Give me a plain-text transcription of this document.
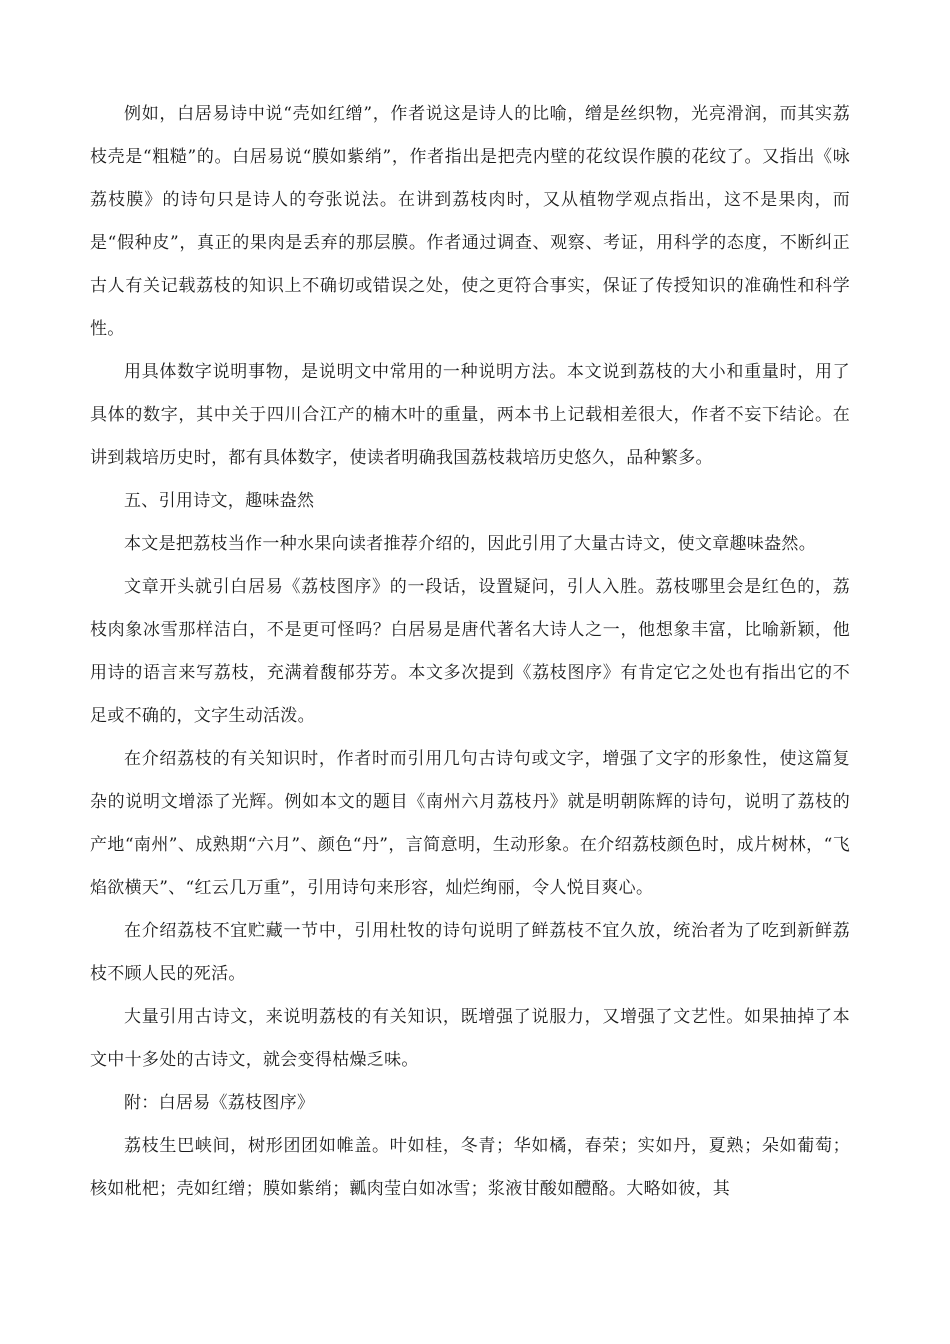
例如，白居易诗中说“壳如红缯”，作者说这是诗人的比喻，缯是丝织物，光亮滑润，而其实荔枝壳是“粗糙”的。白居易说“膜如紫绡”，作者指出是把壳内壁的花纹误作膜的花纹了。又指出《咏荔枝膜》的诗句只是诗人的夸张说法。在讲到荔枝肉时，又从植物学观点指出，这不是果肉，而是“假种皮”，真正的果肉是丢弃的那层膜。作者通过调查、观察、考证，用科学的态度，不断纠正古人有关记载荔枝的知识上不确切或错误之处，使之更符合事实，保证了传授知识的准确性和科学性。

用具体数字说明事物，是说明文中常用的一种说明方法。本文说到荔枝的大小和重量时，用了具体的数字，其中关于四川合江产的楠木叶的重量，两本书上记载相差很大，作者不妄下结论。在讲到栽培历史时，都有具体数字，使读者明确我国荔枝栽培历史悠久，品种繁多。

五、引用诗文，趣味盎然

本文是把荔枝当作一种水果向读者推荐介绍的，因此引用了大量古诗文，使文章趣味盎然。

文章开头就引白居易《荔枝图序》的一段话，设置疑问，引人入胜。荔枝哪里会是红色的，荔枝肉象冰雪那样洁白，不是更可怪吗？白居易是唐代著名大诗人之一，他想象丰富，比喻新颖，他用诗的语言来写荔枝，充满着馥郁芬芳。本文多次提到《荔枝图序》有肯定它之处也有指出它的不足或不确的，文字生动活泼。

在介绍荔枝的有关知识时，作者时而引用几句古诗句或文字，增强了文字的形象性，使这篇复杂的说明文增添了光辉。例如本文的题目《南州六月荔枝丹》就是明朝陈辉的诗句，说明了荔枝的产地“南州”、成熟期“六月”、颜色“丹”，言简意明，生动形象。在介绍荔枝颜色时，成片树林，“飞焰欲横天”、“红云几万重”，引用诗句来形容，灿烂绚丽，令人悦目爽心。

在介绍荔枝不宜贮藏一节中，引用杜牧的诗句说明了鲜荔枝不宜久放，统治者为了吃到新鲜荔枝不顾人民的死活。

大量引用古诗文，来说明荔枝的有关知识，既增强了说服力，又增强了文艺性。如果抽掉了本文中十多处的古诗文，就会变得枯燥乏味。

附：白居易《荔枝图序》

荔枝生巴峡间，树形团团如帷盖。叶如桂，冬青；华如橘，春荣；实如丹，夏熟；朵如葡萄；核如枇杷；壳如红缯；膜如紫绡；瓤肉莹白如冰雪；浆液甘酸如醴酪。大略如彼，其
